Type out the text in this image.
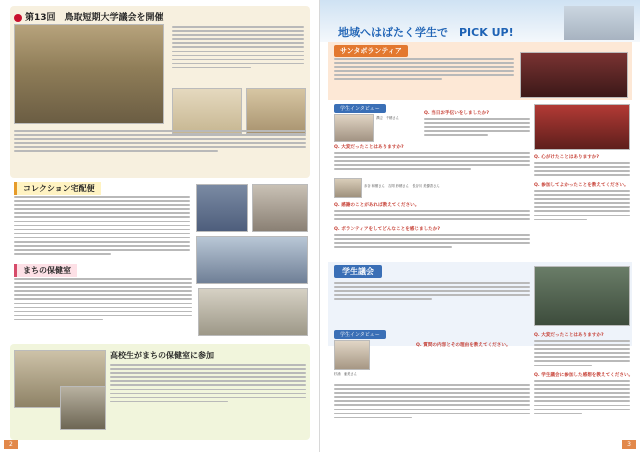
第13回　鳥取短期大学議会を開催
コレクション宅配便
まちの保健室
高校生がまちの保健室に参加
2
地域へはばたく学生で　PICK UP!
サンタボランティア
学生インタビュー
澤辺　千穂さん
Q. 当日お手伝いをしましたか?
Q. 大変だったことはありますか?
赤谷 和樹さん　吉岡 紗穂さん　長谷川 美優香さん
Q. 感謝のことがあれば教えてください。
Q. ボランティアをしてどんなことを感じましたか?
Q. 心がけたことはありますか?
Q. 参加してよかったことを教えてください。
学生議会
学生インタビュー
杉浦　亜美さん
Q. 質問の内容とその理由を教えてください。
Q. 大変だったことはありますか?
Q. 学生議会に参加した感想を教えてください。
3
